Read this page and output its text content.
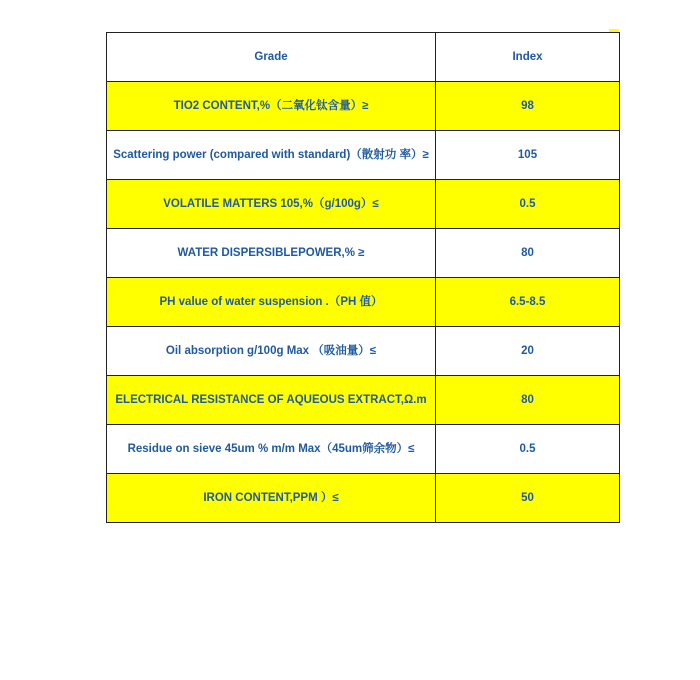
Grade	Index
TIO2 CONTENT,%（二氧化钛含量）≥	98
Scattering power (compared with standard)（散射功 率）≥	105
VOLATILE MATTERS 105,%（g/100g）≤	0.5
WATER DISPERSIBLEPOWER,% ≥	80
PH value of water suspension .（PH 值）	6.5-8.5
Oil absorption g/100g Max （吸油量）≤	20
ELECTRICAL RESISTANCE OF AQUEOUS EXTRACT,Ω.m	80
Residue on sieve 45um % m/m Max（45um筛余物）≤	0.5
IRON CONTENT,PPM ）≤	50
